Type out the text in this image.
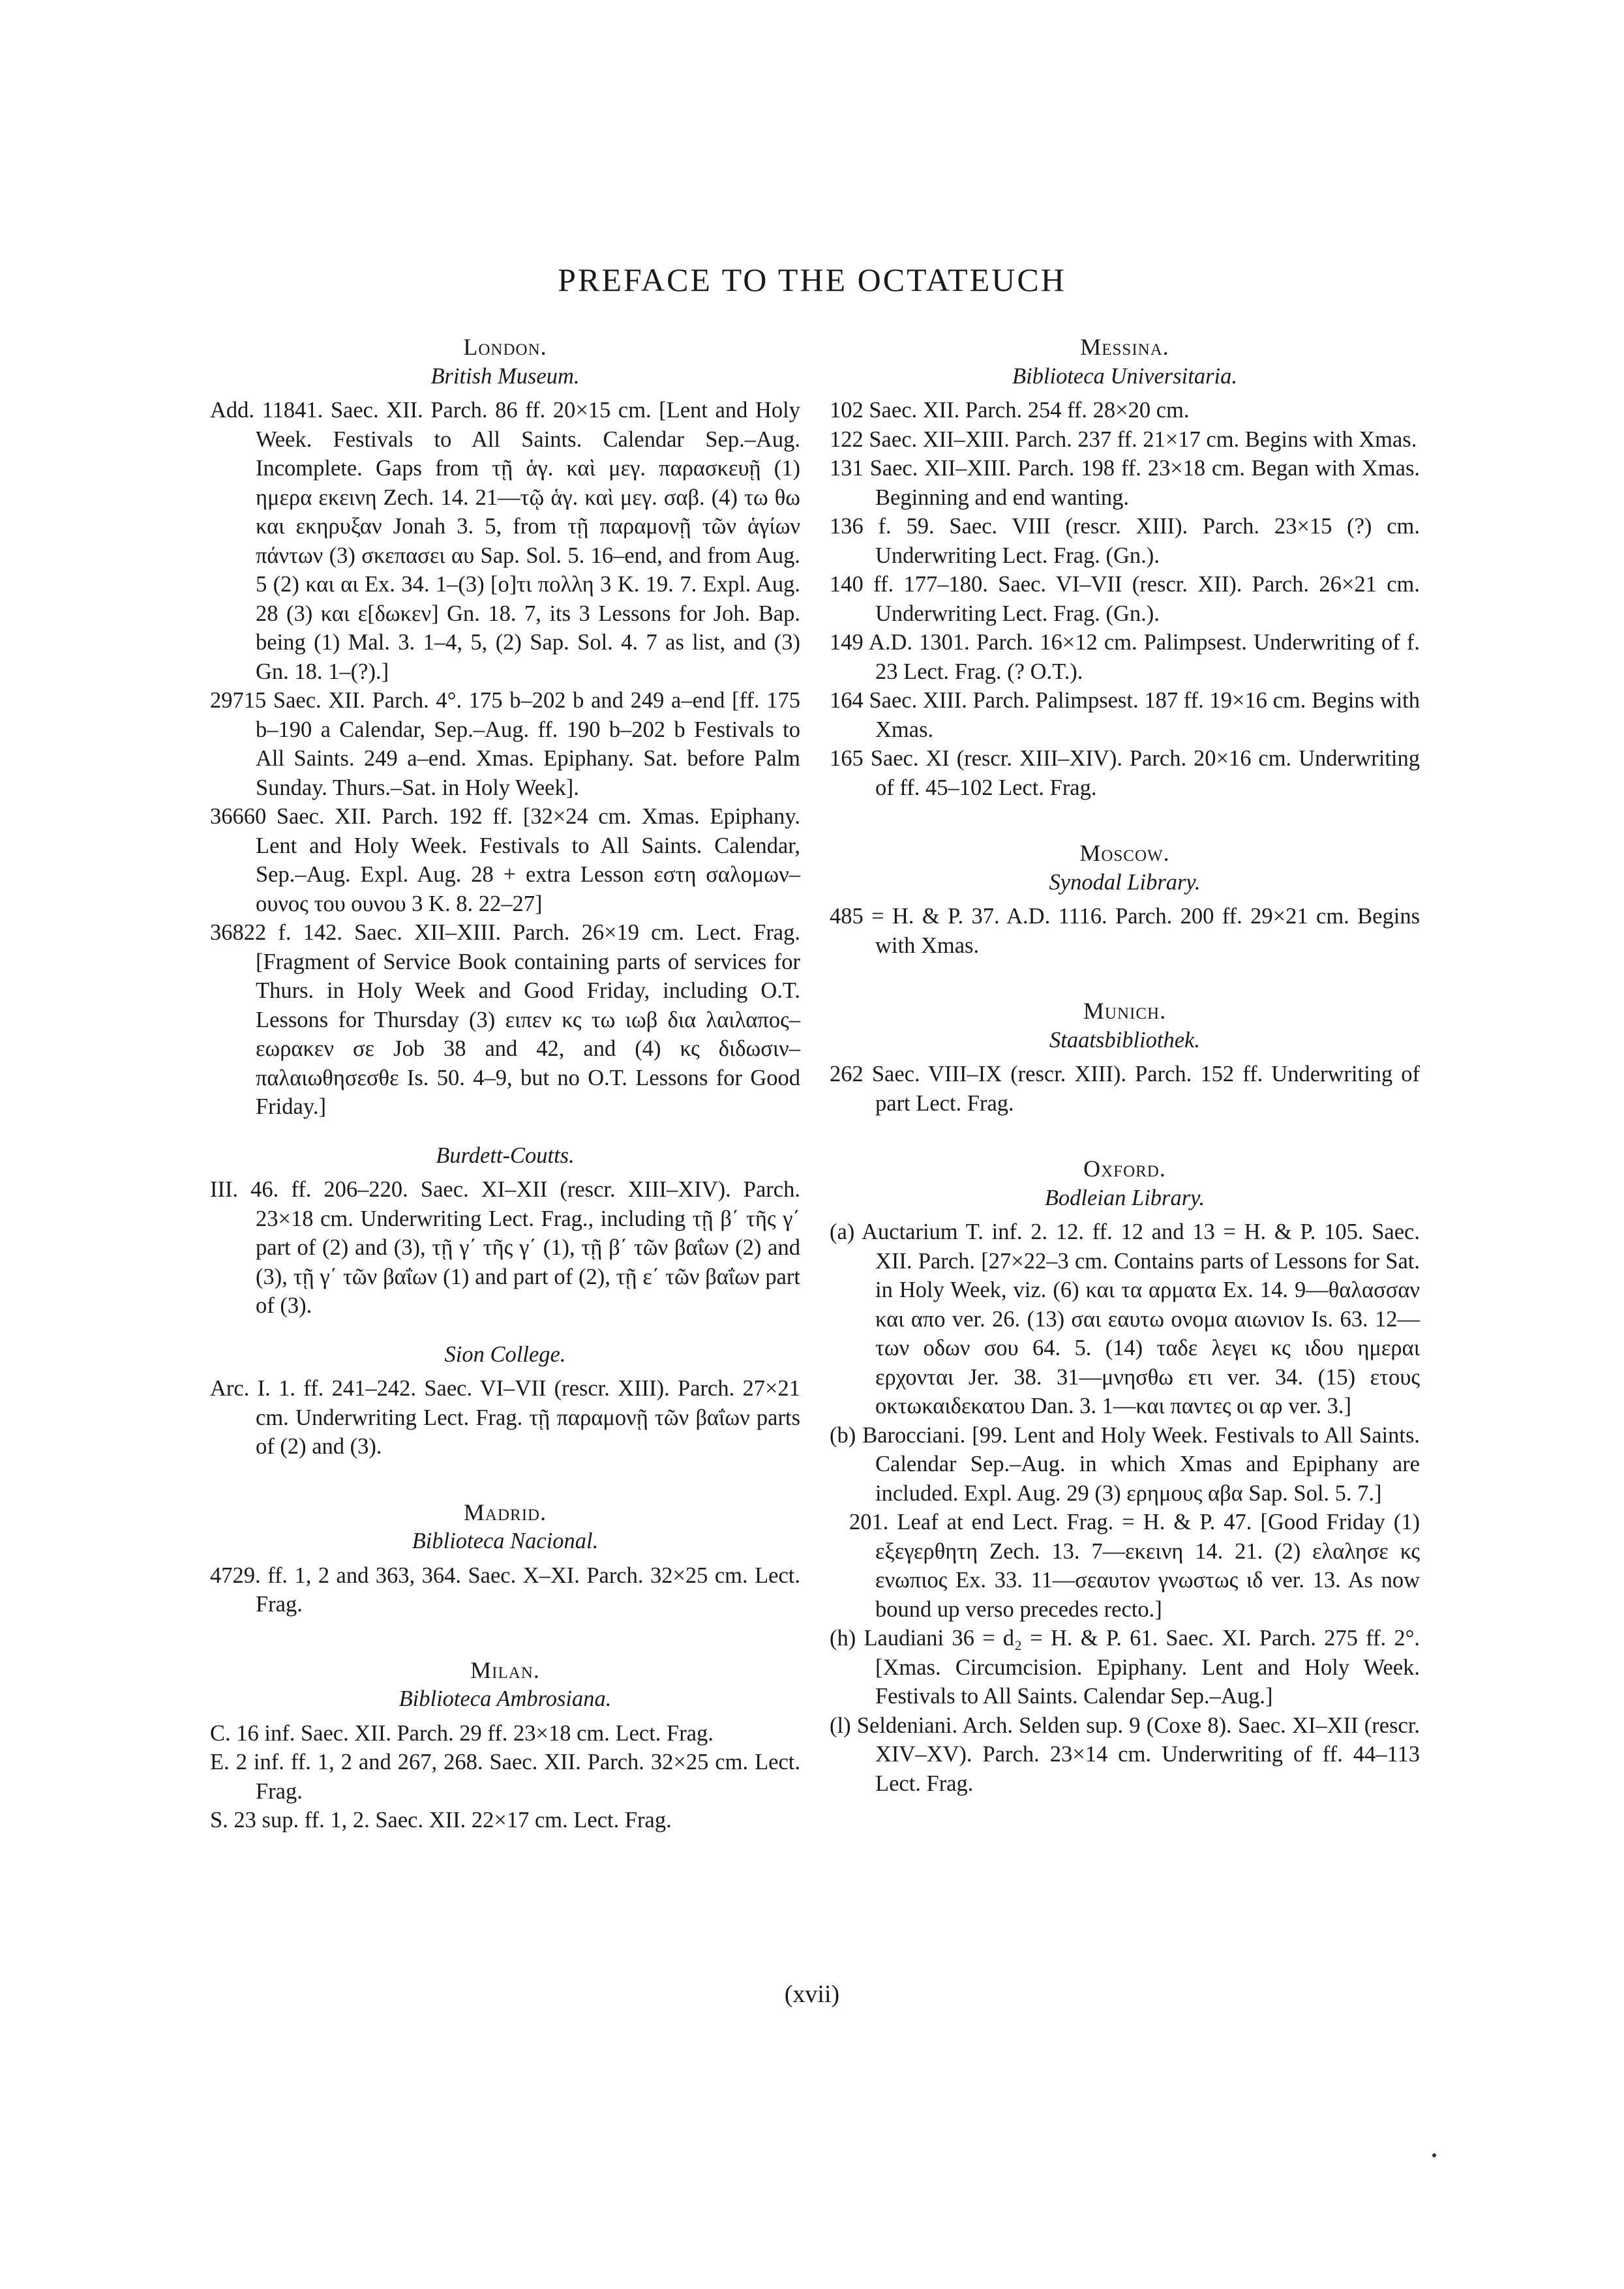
PREFACE TO THE OCTATEUCH

London.

British Museum.

Add. 11841. Saec. XII. Parch. 86 ff. 20×15 cm. [Lent and Holy Week. Festivals to All Saints. Calendar Sep.–Aug. Incomplete. Gaps from τῇ ἁγ. καὶ μεγ. παρασκευῇ (1) ημερα εκεινη Zech. 14. 21—τῷ ἁγ. καὶ μεγ. σαβ. (4) τω θω και εκηρυξαν Jonah 3. 5, from τῇ παραμονῇ τῶν ἁγίων πάντων (3) σκεπασει αυ Sap. Sol. 5. 16–end, and from Aug. 5 (2) και αι Ex. 34. 1–(3) [ο]τι πολλη 3 K. 19. 7. Expl. Aug. 28 (3) και ε[δωκεν] Gn. 18. 7, its 3 Lessons for Joh. Bap. being (1) Mal. 3. 1–4, 5, (2) Sap. Sol. 4. 7 as list, and (3) Gn. 18. 1–(?).]

29715 Saec. XII. Parch. 4°. 175 b–202 b and 249 a–end [ff. 175 b–190 a Calendar, Sep.–Aug. ff. 190 b–202 b Festivals to All Saints. 249 a–end. Xmas. Epiphany. Sat. before Palm Sunday. Thurs.–Sat. in Holy Week].

36660 Saec. XII. Parch. 192 ff. [32×24 cm. Xmas. Epiphany. Lent and Holy Week. Festivals to All Saints. Calendar, Sep.–Aug. Expl. Aug. 28 + extra Lesson εστη σαλομων–ουνος του ουνου 3 K. 8. 22–27]

36822 f. 142. Saec. XII–XIII. Parch. 26×19 cm. Lect. Frag. [Fragment of Service Book containing parts of services for Thurs. in Holy Week and Good Friday, including O.T. Lessons for Thursday (3) ειπεν κς τω ιωβ δια λαιλαπος–εωρακεν σε Job 38 and 42, and (4) κς διδωσιν–παλαιωθησεσθε Is. 50. 4–9, but no O.T. Lessons for Good Friday.]

Burdett-Coutts.

III. 46. ff. 206–220. Saec. XI–XII (rescr. XIII–XIV). Parch. 23×18 cm. Underwriting Lect. Frag., including τῇ β΄ τῆς γ΄ part of (2) and (3), τῇ γ΄ τῆς γ΄ (1), τῇ β΄ τῶν βαΐων (2) and (3), τῇ γ΄ τῶν βαΐων (1) and part of (2), τῇ ε΄ τῶν βαΐων part of (3).

Sion College.

Arc. I. 1. ff. 241–242. Saec. VI–VII (rescr. XIII). Parch. 27×21 cm. Underwriting Lect. Frag. τῇ παραμονῇ τῶν βαΐων parts of (2) and (3).

Madrid.

Biblioteca Nacional.

4729. ff. 1, 2 and 363, 364. Saec. X–XI. Parch. 32×25 cm. Lect. Frag.

Milan.

Biblioteca Ambrosiana.

C. 16 inf. Saec. XII. Parch. 29 ff. 23×18 cm. Lect. Frag.

E. 2 inf. ff. 1, 2 and 267, 268. Saec. XII. Parch. 32×25 cm. Lect. Frag.

S. 23 sup. ff. 1, 2. Saec. XII. 22×17 cm. Lect. Frag.

Messina.

Biblioteca Universitaria.

102 Saec. XII. Parch. 254 ff. 28×20 cm.

122 Saec. XII–XIII. Parch. 237 ff. 21×17 cm. Begins with Xmas.

131 Saec. XII–XIII. Parch. 198 ff. 23×18 cm. Began with Xmas. Beginning and end wanting.

136 f. 59. Saec. VIII (rescr. XIII). Parch. 23×15 (?) cm. Underwriting Lect. Frag. (Gn.).

140 ff. 177–180. Saec. VI–VII (rescr. XII). Parch. 26×21 cm. Underwriting Lect. Frag. (Gn.).

149 A.D. 1301. Parch. 16×12 cm. Palimpsest. Underwriting of f. 23 Lect. Frag. (? O.T.).

164 Saec. XIII. Parch. Palimpsest. 187 ff. 19×16 cm. Begins with Xmas.

165 Saec. XI (rescr. XIII–XIV). Parch. 20×16 cm. Underwriting of ff. 45–102 Lect. Frag.

Moscow.

Synodal Library.

485 = H. & P. 37. A.D. 1116. Parch. 200 ff. 29×21 cm. Begins with Xmas.

Munich.

Staatsbibliothek.

262 Saec. VIII–IX (rescr. XIII). Parch. 152 ff. Underwriting of part Lect. Frag.

Oxford.

Bodleian Library.

(a) Auctarium T. inf. 2. 12. ff. 12 and 13 = H. & P. 105. Saec. XII. Parch. [27×22–3 cm. Contains parts of Lessons for Sat. in Holy Week, viz. (6) και τα αρματα Ex. 14. 9—θαλασσαν και απο ver. 26. (13) σαι εαυτω ονομα αιωνιον Is. 63. 12—των οδων σου 64. 5. (14) ταδε λεγει κς ιδου ημεραι ερχονται Jer. 38. 31—μνησθω ετι ver. 34. (15) ετους οκτωκαιδεκατου Dan. 3. 1—και παντες οι αρ ver. 3.]

(b) Barocciani. [99. Lent and Holy Week. Festivals to All Saints. Calendar Sep.–Aug. in which Xmas and Epiphany are included. Expl. Aug. 29 (3) ερημους αβα Sap. Sol. 5. 7.]

201. Leaf at end Lect. Frag. = H. & P. 47. [Good Friday (1) εξεγερθητη Zech. 13. 7—εκεινη 14. 21. (2) ελαλησε κς ενωπιος Ex. 33. 11—σεαυτον γνωστως ιδ ver. 13. As now bound up verso precedes recto.]

(h) Laudiani 36 = d₂ = H. & P. 61. Saec. XI. Parch. 275 ff. 2°. [Xmas. Circumcision. Epiphany. Lent and Holy Week. Festivals to All Saints. Calendar Sep.–Aug.]

(l) Seldeniani. Arch. Selden sup. 9 (Coxe 8). Saec. XI–XII (rescr. XIV–XV). Parch. 23×14 cm. Underwriting of ff. 44–113 Lect. Frag.

(xvii)
